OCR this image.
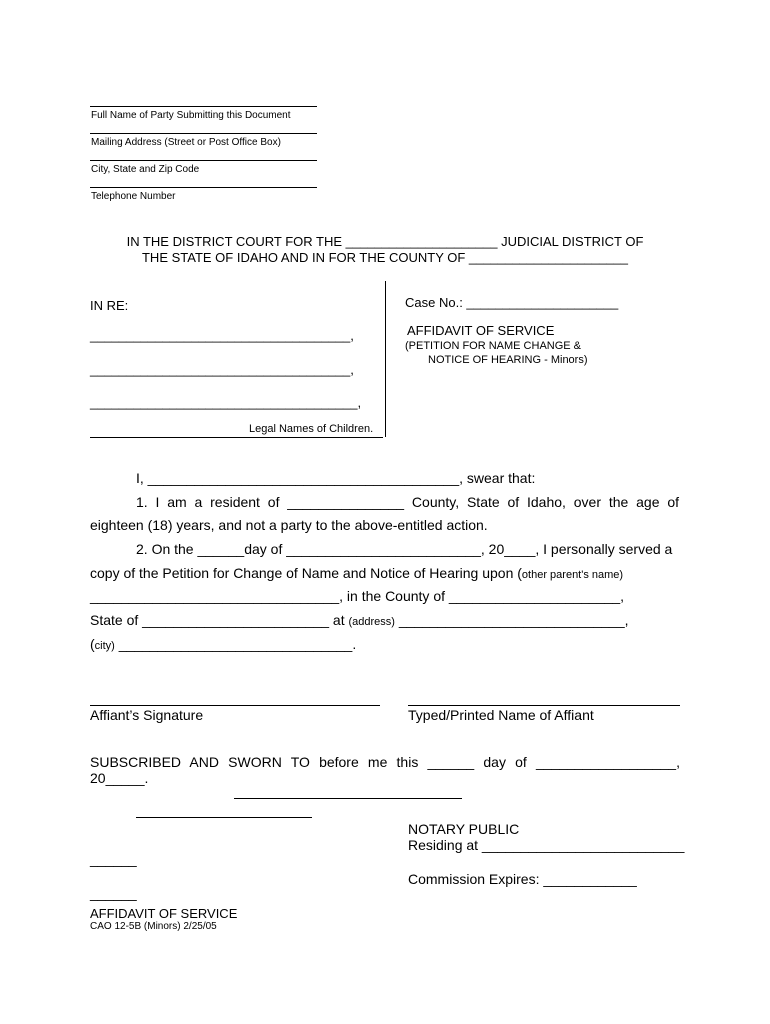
Full Name of Party Submitting this Document
Mailing Address (Street or Post Office Box)
City, State and Zip Code
Telephone Number
IN THE DISTRICT COURT FOR THE _____________________ JUDICIAL DISTRICT OF
THE STATE OF IDAHO AND IN FOR THE COUNTY OF ______________________
IN RE:
____________________________________,
____________________________________,
_____________________________________,
Legal Names of Children.
Case No.: _____________________
AFFIDAVIT OF SERVICE
(PETITION FOR NAME CHANGE &
NOTICE OF HEARING - Minors)
I, ________________________________________, swear that:
1. I am a resident of _______________ County, State of Idaho, over the age of
eighteen (18) years, and not a party to the above-entitled action.
2. On the ______day of _________________________, 20____, I personally served a
copy of the Petition for Change of Name and Notice of Hearing upon (other parent's name)
________________________________, in the County of ______________________,
State of ________________________ at (address) _____________________________,
(city) ______________________________.
Affiant’s Signature	Typed/Printed Name of Affiant
SUBSCRIBED AND SWORN TO before me this ______ day of __________________,
20_____.
NOTARY PUBLIC
Residing at __________________________
______
Commission Expires: ____________
______
AFFIDAVIT OF SERVICE
CAO 12-5B (Minors) 2/25/05
